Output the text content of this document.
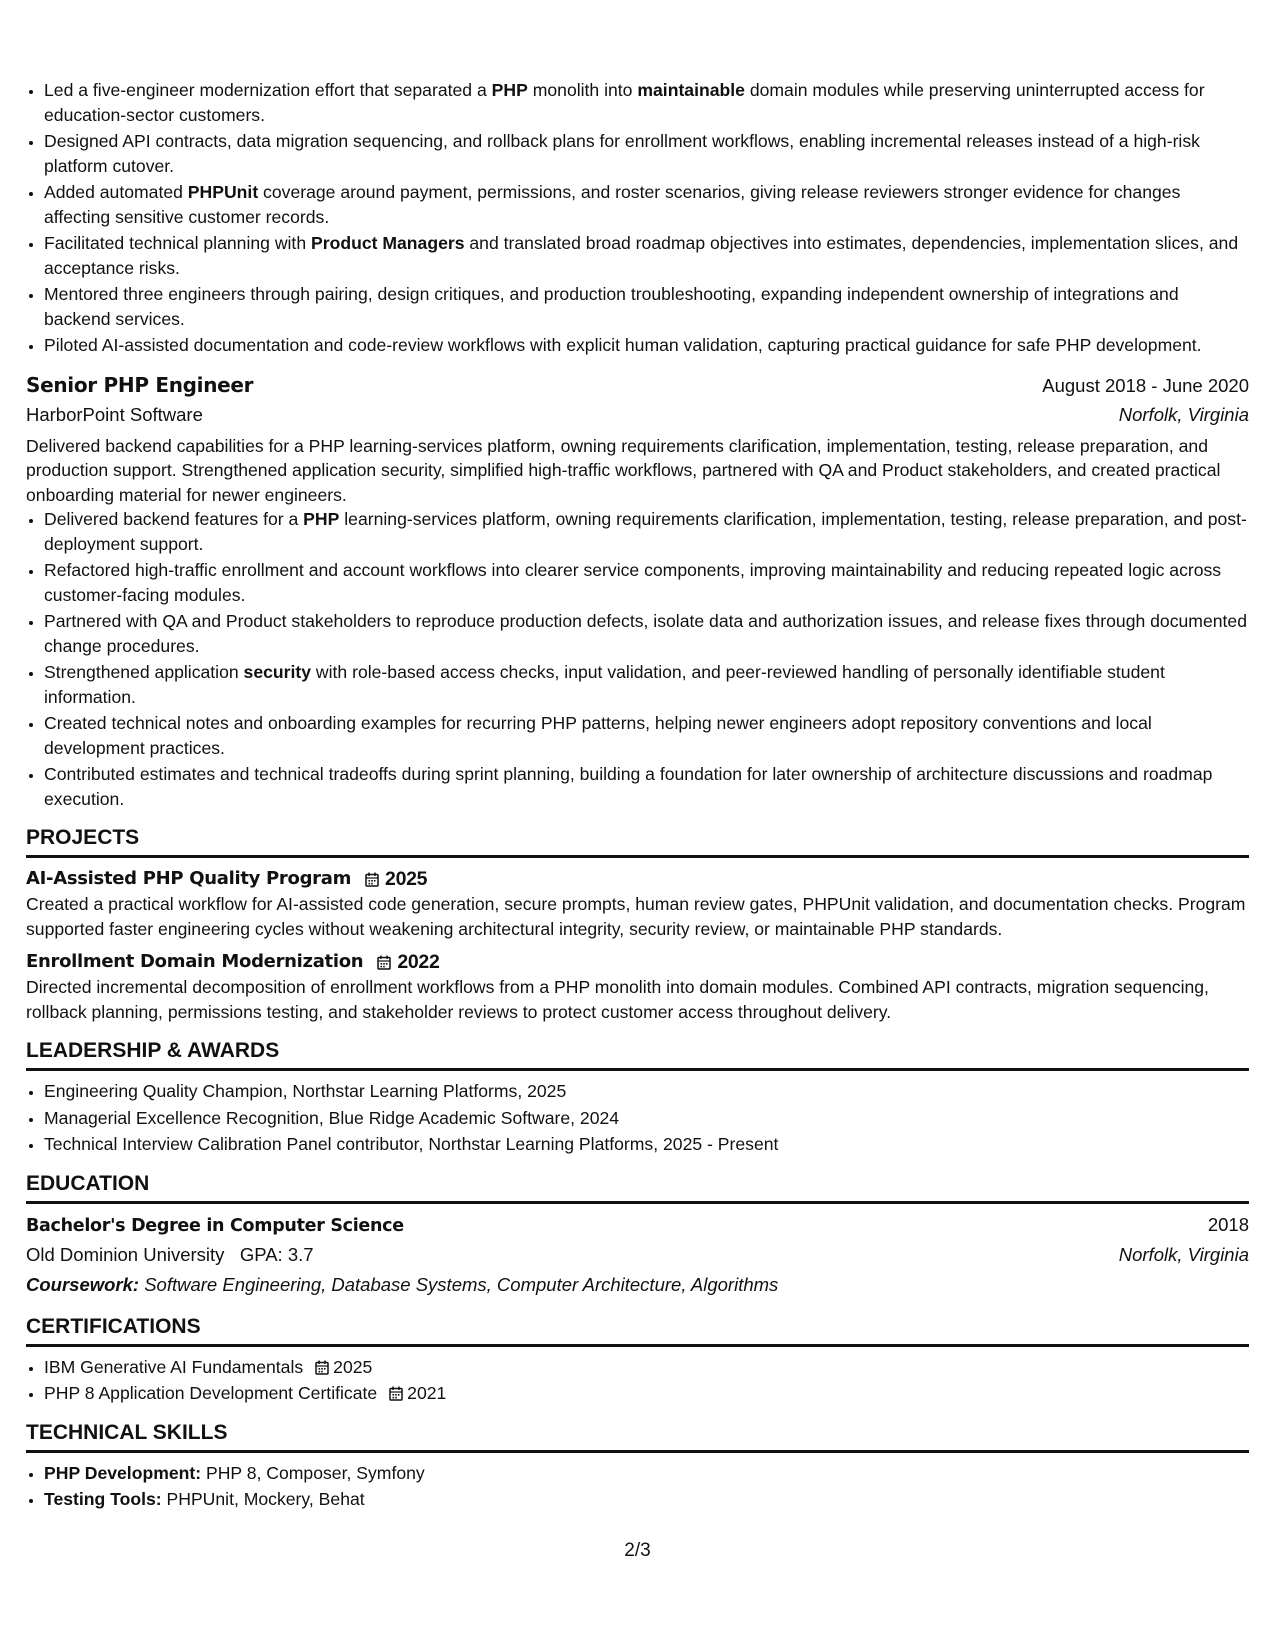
• Led a five-engineer modernization effort that separated a PHP monolith into maintainable domain modules while preserving uninterrupted access for education-sector customers.
• Designed API contracts, data migration sequencing, and rollback plans for enrollment workflows, enabling incremental releases instead of a high-risk platform cutover.
• Added automated PHPUnit coverage around payment, permissions, and roster scenarios, giving release reviewers stronger evidence for changes affecting sensitive customer records.
• Facilitated technical planning with Product Managers and translated broad roadmap objectives into estimates, dependencies, implementation slices, and acceptance risks.
• Mentored three engineers through pairing, design critiques, and production troubleshooting, expanding independent ownership of integrations and backend services.
• Piloted AI-assisted documentation and code-review workflows with explicit human validation, capturing practical guidance for safe PHP development.
Senior PHP Engineer	August 2018 - June 2020
HarborPoint Software	Norfolk, Virginia
Delivered backend capabilities for a PHP learning-services platform, owning requirements clarification, implementation, testing, release preparation, and production support. Strengthened application security, simplified high-traffic workflows, partnered with QA and Product stakeholders, and created practical onboarding material for newer engineers.
• Delivered backend features for a PHP learning-services platform, owning requirements clarification, implementation, testing, release preparation, and post-deployment support.
• Refactored high-traffic enrollment and account workflows into clearer service components, improving maintainability and reducing repeated logic across customer-facing modules.
• Partnered with QA and Product stakeholders to reproduce production defects, isolate data and authorization issues, and release fixes through documented change procedures.
• Strengthened application security with role-based access checks, input validation, and peer-reviewed handling of personally identifiable student information.
• Created technical notes and onboarding examples for recurring PHP patterns, helping newer engineers adopt repository conventions and local development practices.
• Contributed estimates and technical tradeoffs during sprint planning, building a foundation for later ownership of architecture discussions and roadmap execution.
PROJECTS
AI-Assisted PHP Quality Program 2025
Created a practical workflow for AI-assisted code generation, secure prompts, human review gates, PHPUnit validation, and documentation checks. Program supported faster engineering cycles without weakening architectural integrity, security review, or maintainable PHP standards.
Enrollment Domain Modernization 2022
Directed incremental decomposition of enrollment workflows from a PHP monolith into domain modules. Combined API contracts, migration sequencing, rollback planning, permissions testing, and stakeholder reviews to protect customer access throughout delivery.
LEADERSHIP & AWARDS
• Engineering Quality Champion, Northstar Learning Platforms, 2025
• Managerial Excellence Recognition, Blue Ridge Academic Software, 2024
• Technical Interview Calibration Panel contributor, Northstar Learning Platforms, 2025 - Present
EDUCATION
Bachelor's Degree in Computer Science	2018
Old Dominion University GPA: 3.7	Norfolk, Virginia
Coursework: Software Engineering, Database Systems, Computer Architecture, Algorithms
CERTIFICATIONS
• IBM Generative AI Fundamentals 2025
• PHP 8 Application Development Certificate 2021
TECHNICAL SKILLS
• PHP Development: PHP 8, Composer, Symfony
• Testing Tools: PHPUnit, Mockery, Behat
2/3
